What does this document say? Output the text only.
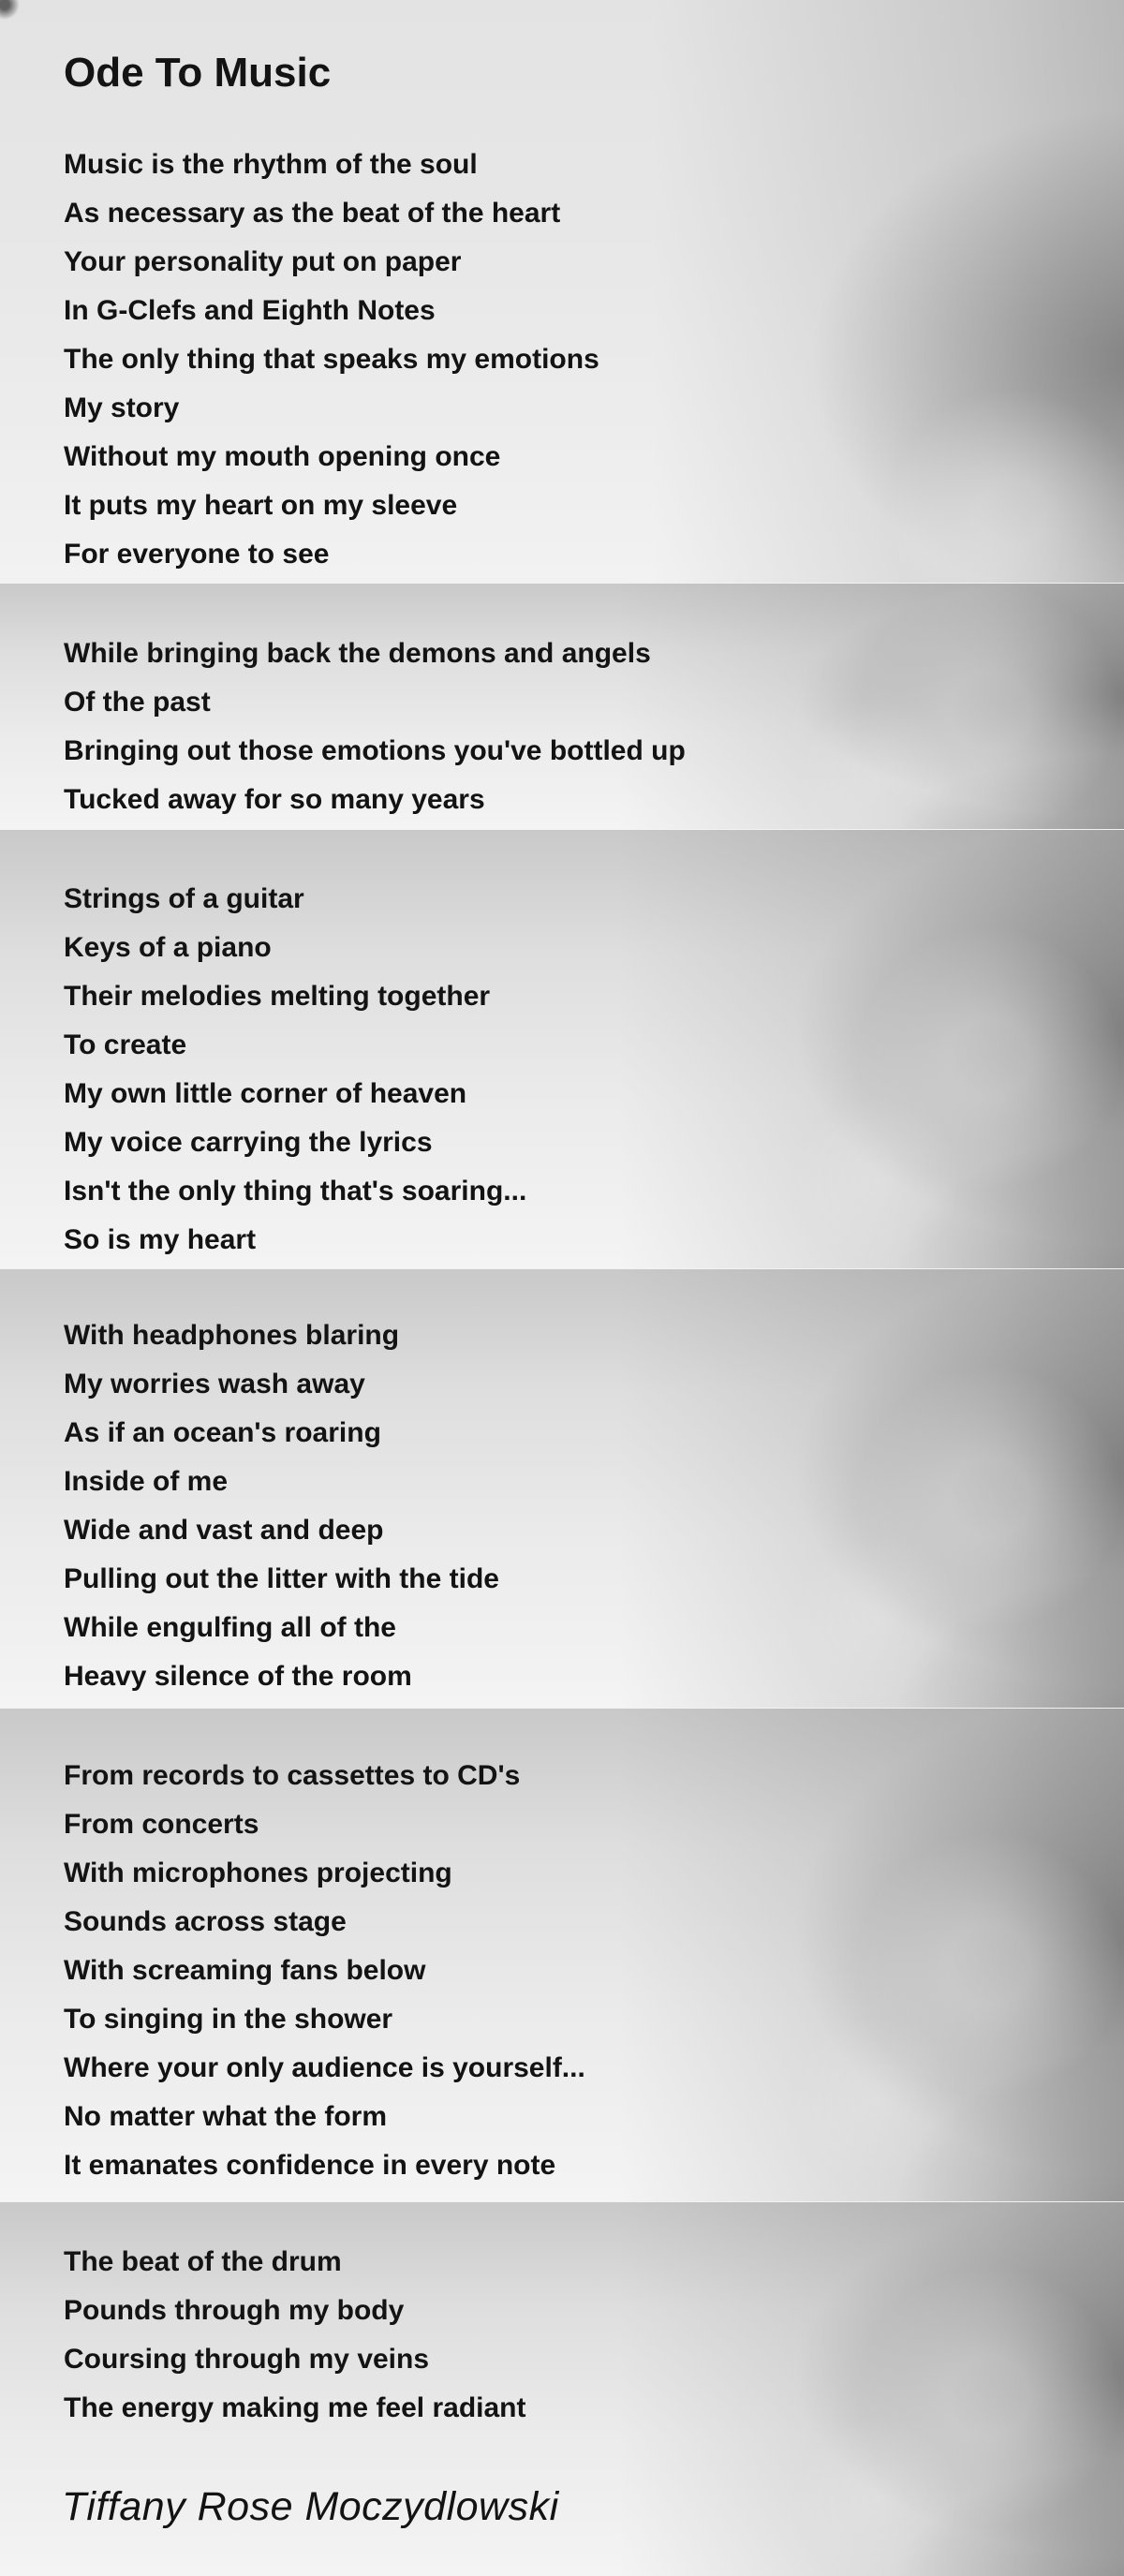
Ode To Music
Music is the rhythm of the soul
As necessary as the beat of the heart
Your personality put on paper
In G-Clefs and Eighth Notes
The only thing that speaks my emotions
My story
Without my mouth opening once
It puts my heart on my sleeve
For everyone to see
While bringing back the demons and angels
Of the past
Bringing out those emotions you've bottled up
Tucked away for so many years
Strings of a guitar
Keys of a piano
Their melodies melting together
To create
My own little corner of heaven
My voice carrying the lyrics
Isn't the only thing that's soaring...
So is my heart
With headphones blaring
My worries wash away
As if an ocean's roaring
Inside of me
Wide and vast and deep
Pulling out the litter with the tide
While engulfing all of the
Heavy silence of the room
From records to cassettes to CD's
From concerts
With microphones projecting
Sounds across stage
With screaming fans below
To singing in the shower
Where your only audience is yourself...
No matter what the form
It emanates confidence in every note
The beat of the drum
Pounds through my body
Coursing through my veins
The energy making me feel radiant
Tiffany Rose Moczydlowski
